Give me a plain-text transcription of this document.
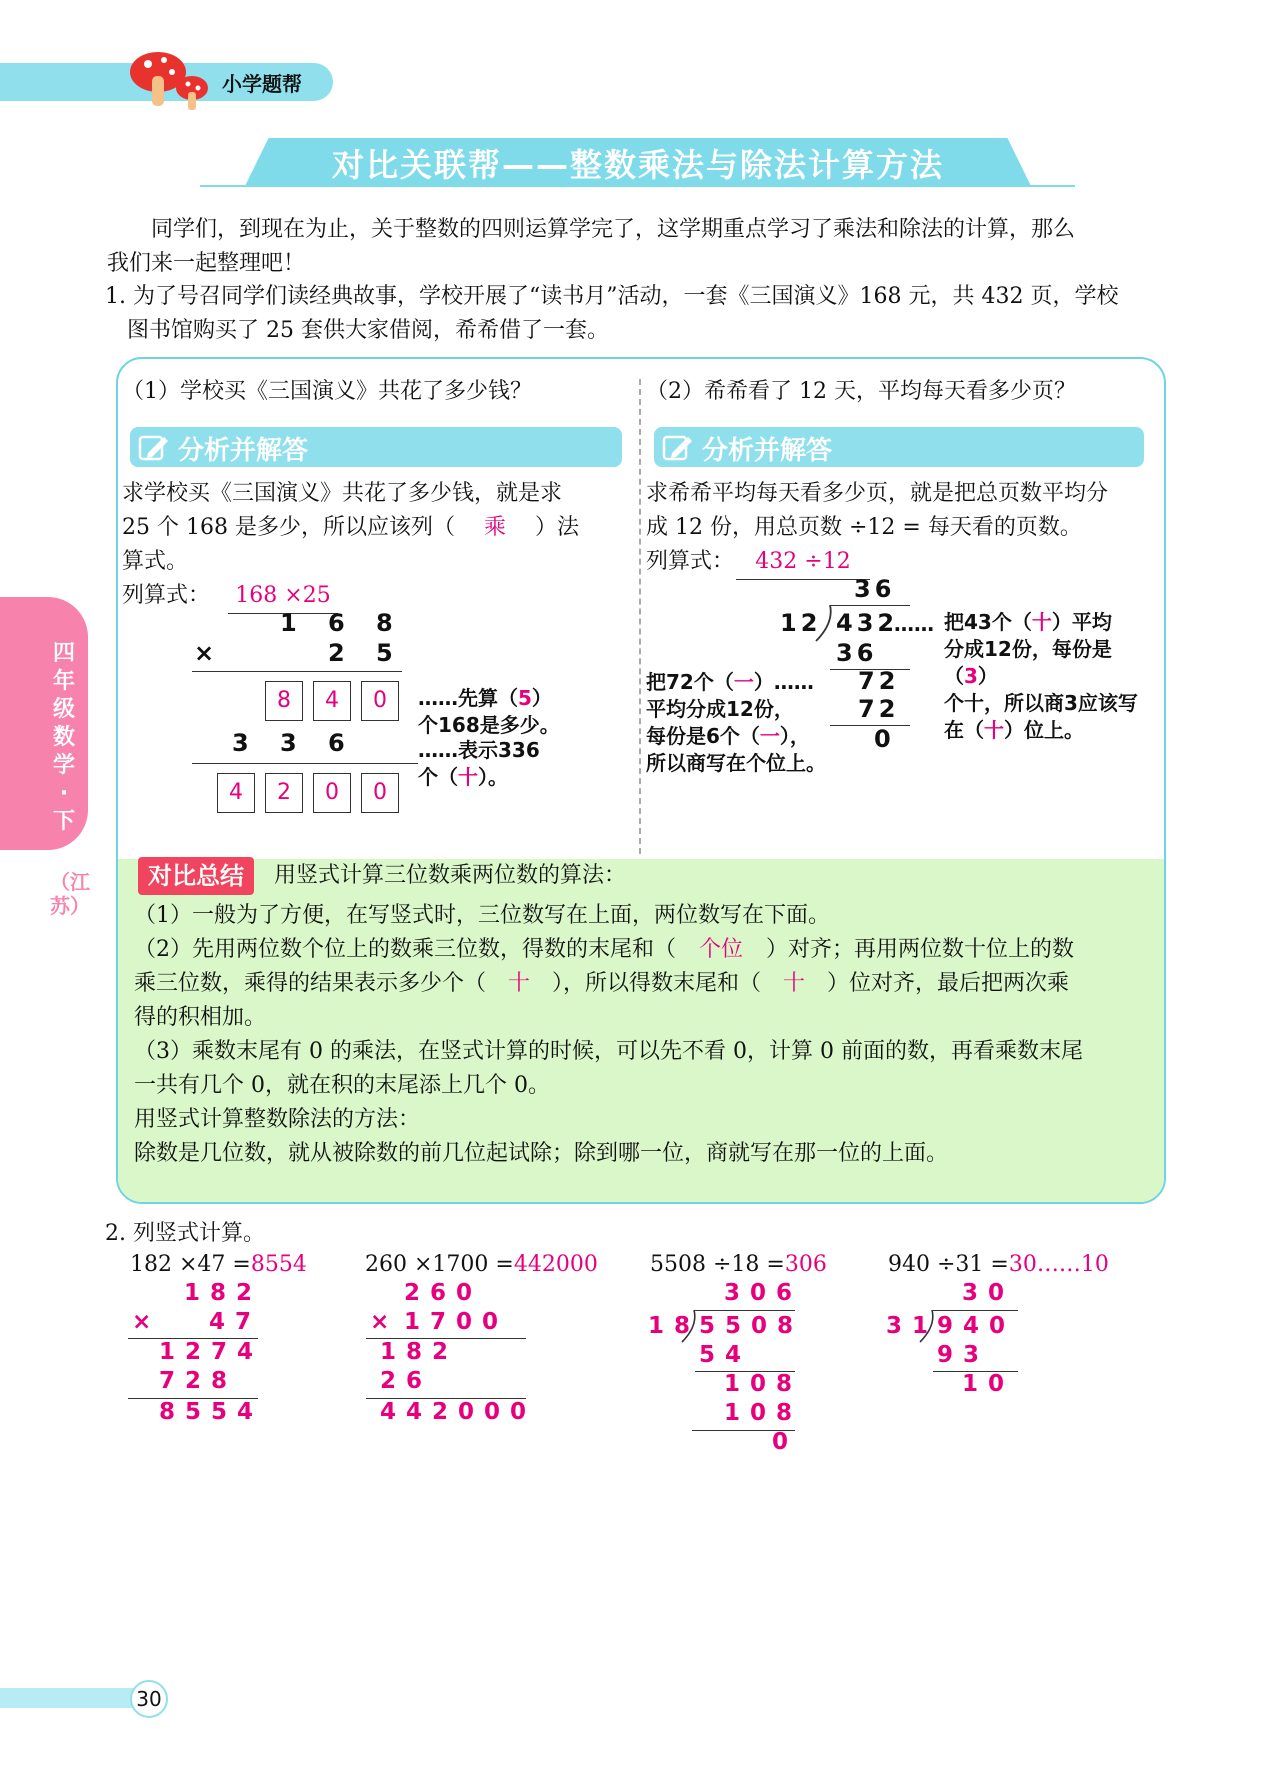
小学题帮
对比关联帮——整数乘法与除法计算方法
　　同学们，到现在为止，关于整数的四则运算学完了，这学期重点学习了乘法和除法的计算，那么
我们来一起整理吧！
1. 为了号召同学们读经典故事，学校开展了“读书月”活动，一套《三国演义》168 元，共 432 页，学校
　图书馆购买了 25 套供大家借阅，希希借了一套。
四年级数学·下
（江苏）
（1）学校买《三国演义》共花了多少钱？
分析并解答
求学校买《三国演义》共花了多少钱，就是求
25 个 168 是多少，所以应该列（ 乘 ）法
算式。
列算式：	168 ×25
1 6 8
×	2 5
8	4	0	……先算（5）
个168是多少。
3 3 6	……表示336
个（十）。
4	2	0	0
（2）希希看了 12 天，平均每天看多少页？
分析并解答
求希希平均每天看多少页，就是把总页数平均分
成 12 份，用总页数 ÷12 = 每天看的页数。
列算式： 432 ÷12
36
12 432
……
36
72
72
0
把43个（十）平均
分成12份，每份是（3）
个十，所以商3应该写
在（十）位上。
把72个（一）……
平均分成12份，
每份是6个（一），
所以商写在个位上。
对比总结	用竖式计算三位数乘两位数的算法：
（1）一般为了方便，在写竖式时，三位数写在上面，两位数写在下面。
（2）先用两位数个位上的数乘三位数，得数的末尾和（ 个位 ）对齐；再用两位数十位上的数
乘三位数，乘得的结果表示多少个（ 十 ），所以得数末尾和（ 十 ）位对齐，最后把两次乘
得的积相加。
（3）乘数末尾有 0 的乘法，在竖式计算的时候，可以先不看 0，计算 0 前面的数，再看乘数末尾
一共有几个 0，就在积的末尾添上几个 0。
用竖式计算整数除法的方法：
除数是几位数，就从被除数的前几位起试除；除到哪一位，商就写在那一位的上面。
2. 列竖式计算。
182 ×47 =8554
182
× 47
1274
728
8554
260 ×1700 =442000
260
× 1700
182
26
442000
5508 ÷18 =306
306
18
5508
54
108
108
0
940 ÷31 =30……10
30
31
940
93
10
30
